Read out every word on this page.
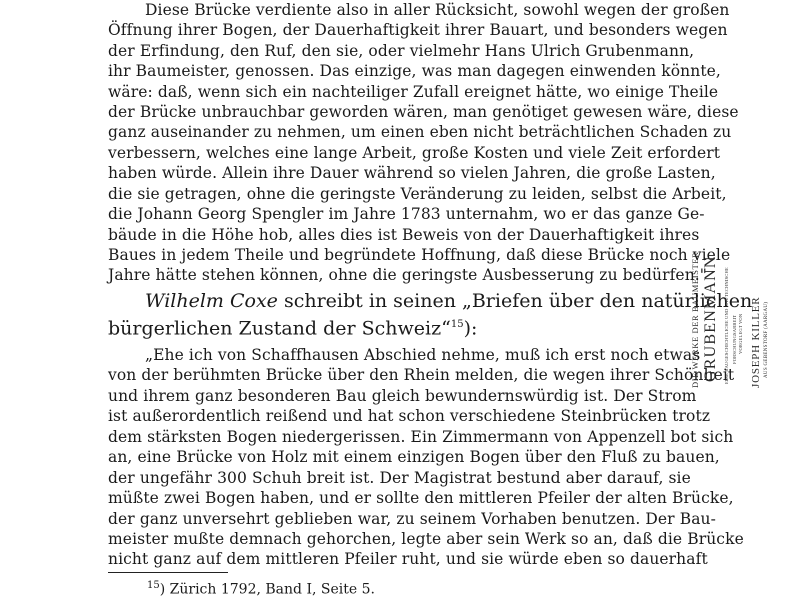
Diese Brücke verdiente also in aller Rücksicht, sowohl wegen der großen

Öffnung ihrer Bogen, der Dauerhaftigkeit ihrer Bauart, und besonders wegen

der Erfindung, den Ruf, den sie, oder vielmehr Hans Ulrich Grubenmann,

ihr Baumeister, genossen. Das einzige, was man dagegen einwenden könnte,

wäre: daß, wenn sich ein nachteiliger Zufall ereignet hätte, wo einige Theile

der Brücke unbrauchbar geworden wären, man genötiget gewesen wäre, diese

ganz auseinander zu nehmen, um einen eben nicht beträchtlichen Schaden zu

verbessern, welches eine lange Arbeit, große Kosten und viele Zeit erfordert

haben würde. Allein ihre Dauer während so vielen Jahren, die große Lasten,

die sie getragen, ohne die geringste Veränderung zu leiden, selbst die Arbeit,

die Johann Georg Spengler im Jahre 1783 unternahm, wo er das ganze Ge-

bäude in die Höhe hob, alles dies ist Beweis von der Dauerhaftigkeit ihres

Baues in jedem Theile und begründete Hoffnung, daß diese Brücke noch viele

Jahre hätte stehen können, ohne die geringste Ausbesserung zu bedürfen."

Wilhelm Coxe schreibt in seinen „Briefen über den natürlichen

bürgerlichen Zustand der Schweiz“$^{15}$):

„Ehe ich von Schaffhausen Abschied nehme, muß ich erst noch etwas

von der berühmten Brücke über den Rhein melden, die wegen ihrer Schönheit

und ihrem ganz besonderen Bau gleich bewundernswürdig ist. Der Strom

ist außerordentlich reißend und hat schon verschiedene Steinbrücken trotz

dem stärksten Bogen niedergerissen. Ein Zimmermann von Appenzell bot sich

an, eine Brücke von Holz mit einem einzigen Bogen über den Fluß zu bauen,

der ungefähr 300 Schuh breit ist. Der Magistrat bestund aber darauf, sie

müßte zwei Bogen haben, und er sollte den mittleren Pfeiler der alten Brücke,

der ganz unversehrt geblieben war, zu seinem Vorhaben benutzen. Der Bau-

meister mußte demnach gehorchen, legte aber sein Werk so an, daß die Brücke

nicht ganz auf dem mittleren Pfeiler ruht, und sie würde eben so dauerhaft

$^{15}$) Zürich 1792, Band I, Seite 5.

DIE WERKE DER BAUMEISTER GRUBENMANN EINE BAUGESCHICHTLICHE UND BAUTECHNISCHE FORSCHUNGSARBEIT VORGELEGT VON JOSEPH KILLER AUS GEBENSTORF (AARGAU)
